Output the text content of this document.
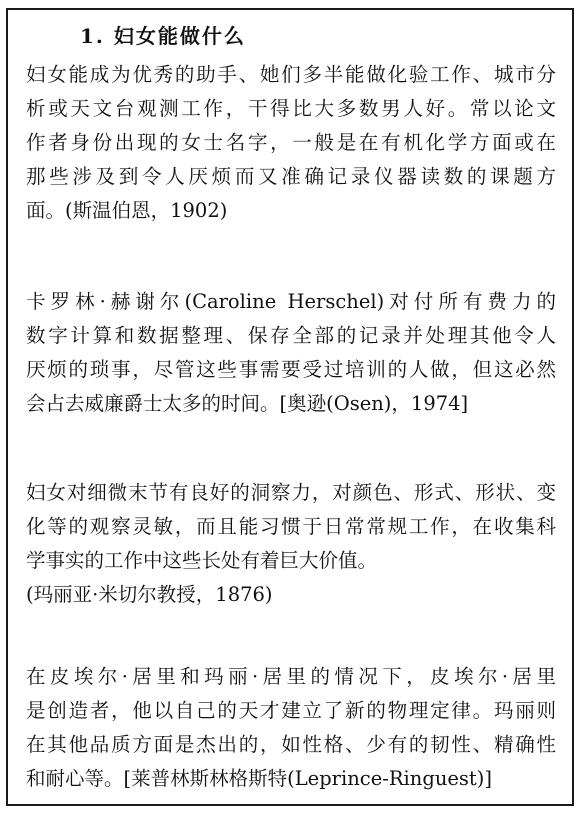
1. 妇女能做什么
妇女能成为优秀的助手、她们多半能做化验工作、城市分
析或天文台观测工作，干得比大多数男人好。常以论文
作者身份出现的女士名字，一般是在有机化学方面或在
那些涉及到令人厌烦而又准确记录仪器读数的课题方
面。(斯温伯恩，1902)
卡罗林·赫谢尔(Caroline Herschel)对付所有费力的
数字计算和数据整理、保存全部的记录并处理其他令人
厌烦的琐事，尽管这些事需要受过培训的人做，但这必然
会占去威廉爵士太多的时间。[奥逊(Osen)，1974]
妇女对细微末节有良好的洞察力，对颜色、形式、形状、变
化等的观察灵敏，而且能习惯于日常常规工作，在收集科
学事实的工作中这些长处有着巨大价值。
(玛丽亚·米切尔教授，1876)
在皮埃尔·居里和玛丽·居里的情况下，皮埃尔·居里
是创造者，他以自己的天才建立了新的物理定律。玛丽则
在其他品质方面是杰出的，如性格、少有的韧性、精确性
和耐心等。[莱普林斯林格斯特(Leprince-Ringuest)]
